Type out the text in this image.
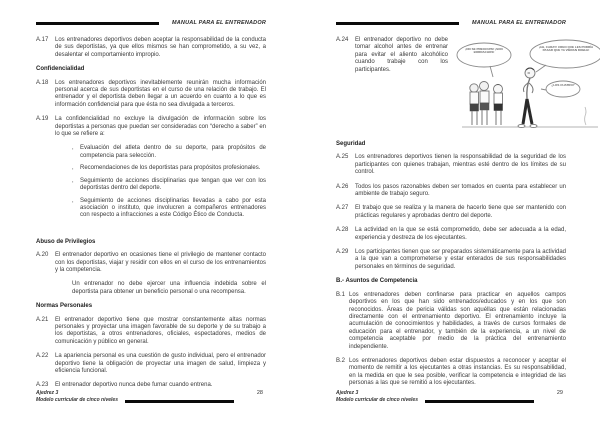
MANUAL PARA EL ENTRENADOR
A.17	Los entrenadores deportivos deben aceptar la responsabilidad de la conducta de sus deportistas, ya que ellos mismos se han comprometido, a su vez, a desalentar el comportamiento impropio.
Confidencialidad
A.18	Los entrenadores deportivos inevitablemente reunirán mucha información personal acerca de sus deportistas en el curso de una relación de trabajo. El entrenador y el deportista deben llegar a un acuerdo en cuanto a lo que es información confidencial para que ésta no sea divulgada a terceros.
A.19	La confidencialidad no excluye la divulgación de información sobre los deportistas a personas que puedan ser consideradas con “derecho a saber” en lo que se refiere a:
▪	Evaluación del atleta dentro de su deporte, para propósitos de competencia para selección.
▪	Recomendaciones de los deportistas para propósitos profesionales.
▪	Seguimiento de acciones disciplinarias que tengan que ver con los deportistas dentro del deporte.
▪	Seguimiento de acciones disciplinarias llevadas a cabo por esta asociación o instituto, que involucren a compañeros entrenadores con respecto a infracciones a este Código Ético de Conducta.
Abuso de Privilegios
A.20	El entrenador deportivo en ocasiones tiene el privilegio de mantener contacto con los deportistas, viajar y residir con ellos en el curso de los entrenamientos y la competencia.
Un entrenador no debe ejercer una influencia indebida sobre el deportista para obtener un beneficio personal o una recompensa.
Normas Personales
A.21	El entrenador deportivo tiene que mostrar constantemente altas normas personales y proyectar una imagen favorable de su deporte y de su trabajo a los deportistas, a otros entrenadores, oficiales, espectadores, medios de comunicación y público en general.
A.22	La apariencia personal es una cuestión de gusto individual, pero el entrenador deportivo tiene la obligación de proyectar una imagen de salud, limpieza y eficiencia funcional.
A.23	El entrenador deportivo nunca debe fumar cuando entrena.
Ajedrez 3
Modelo curricular de cinco niveles
28
MANUAL PARA EL ENTRENADOR
A.24	El entrenador deportivo no debe tomar alcohol antes de entrenar para evitar el aliento alcohólico cuando trabaje con los participantes.
¡NO SE PREOCUPE! ¡SON BORRACHOS!
¡AH, CARAY! CREO QUE LES PODRÍA PASAR QUE YA VIERAN DOBLE!
¿LOS CUATRO?
Seguridad
A.25	Los entrenadores deportivos tienen la responsabilidad de la seguridad de los participantes con quienes trabajan, mientras esté dentro de los límites de su control.
A.26	Todos los pasos razonables deben ser tomados en cuenta para establecer un ambiente de trabajo seguro.
A.27	El trabajo que se realiza y la manera de hacerlo tiene que ser mantenido con prácticas regulares y aprobadas dentro del deporte.
A.28	La actividad en la que se está comprometido, debe ser adecuada a la edad, experiencia y destreza de los ejecutantes.
A.29	Los participantes tienen que ser preparados sistemáticamente para la actividad a la que van a comprometerse y estar enterados de sus responsabilidades personales en términos de seguridad.
B.- Asuntos de Competencia
B.1 Los entrenadores deben confinarse para practicar en aquellos campos deportivos en los que han sido entrenados/educados y en los que son reconocidos. Áreas de pericia válidas son aquéllas que están relacionadas directamente con el entrenamiento deportivo. El entrenamiento incluye la acumulación de conocimientos y habilidades, a través de cursos formales de educación para el entrenador, y también de la experiencia, a un nivel de competencia aceptable por medio de la práctica del entrenamiento independiente.
B.2 Los entrenadores deportivos deben estar dispuestos a reconocer y aceptar el momento de remitir a los ejecutantes a otras instancias. Es su responsabilidad, en la medida en que le sea posible, verificar la competencia e integridad de las personas a las que se remitió a los ejecutantes.
Ajedrez 3
Modelo curricular de cinco niveles
29
